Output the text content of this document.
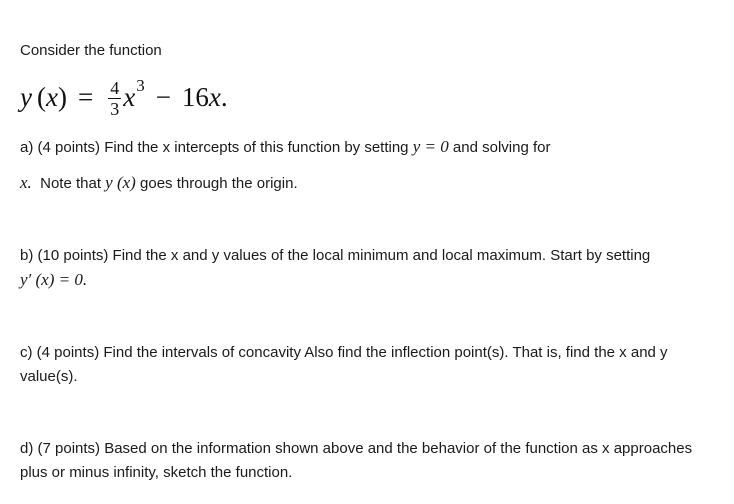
Consider the function
y ( x ) = $\frac{4}{3}$ x 3 − 16 x .
a) (4 points) Find the x intercepts of this function by setting y = 0 and solving for
x.  Note that y (x) goes through the origin.
b) (10 points) Find the x and y values of the local minimum and local maximum. Start by setting
y′ (x) = 0.
c) (4 points) Find the intervals of concavity Also find the inflection point(s). That is, find the x and y value(s).
d) (7 points) Based on the information shown above and the behavior of the function as x approaches plus or minus infinity, sketch the function.
